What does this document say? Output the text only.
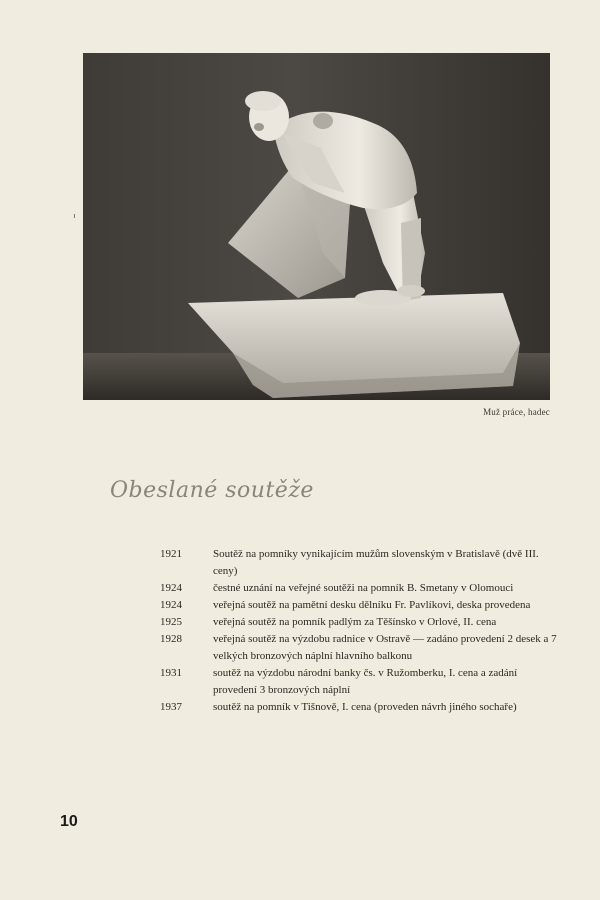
Muž práce, hadec
Obeslané soutěže

1921	Soutěž na pomníky vynikajícím mužům slovenským v Bratislavě (dvě III. ceny)

1924	čestné uznání na veřejné soutěži na pomník B. Smetany v Olomouci

1924	veřejná soutěž na pamětní desku dělníku Fr. Pavlíkovi, deska provedena

1925	veřejná soutěž na pomník padlým za Těšínsko v Orlové, II. cena

1928	veřejná soutěž na výzdobu radnice v Ostravě — zadáno provedení 2 desek a 7 velkých bronzových náplní hlavního balkonu

1931	soutěž na výzdobu národní banky čs. v Ružomberku, I. cena a zadání provedení 3 bronzových náplní

1937	soutěž na pomník v Tišnově, I. cena (proveden návrh jiného sochaře)

10
